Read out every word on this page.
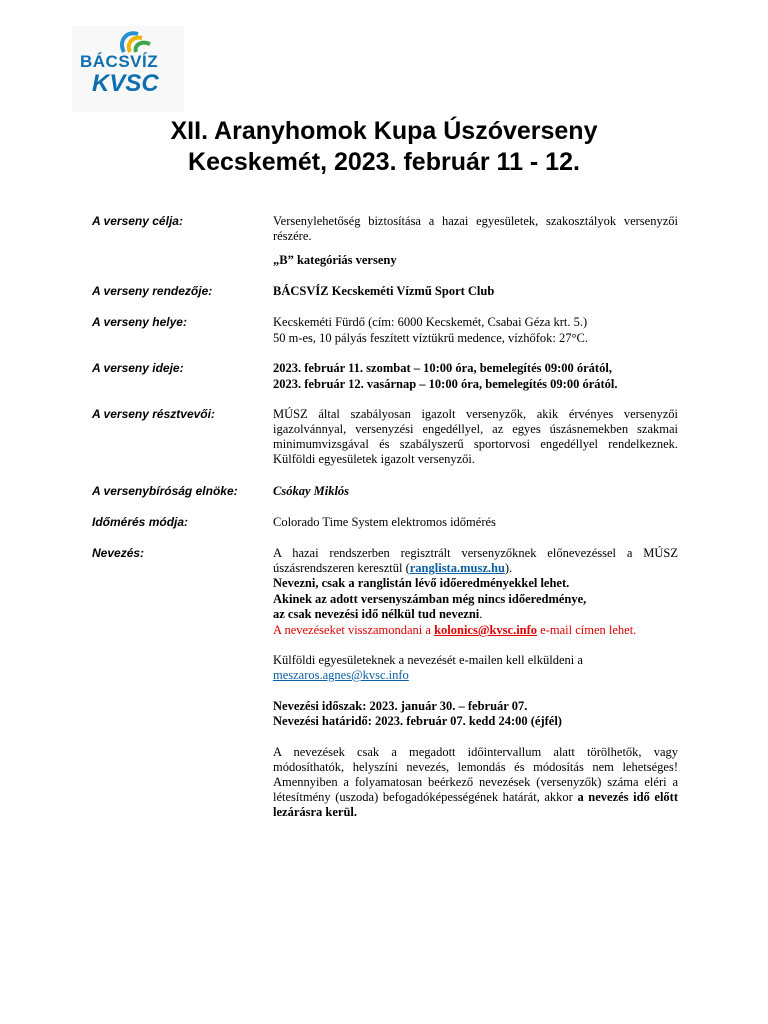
BÁCSVÍZ
KVSC
XII. Aranyhomok Kupa Úszóverseny
Kecskemét, 2023. február 11 - 12.
A verseny célja:	Versenylehetőség biztosítása a hazai egyesületek, szakosztályok versenyzői részére.
„B” kategóriás verseny
A verseny rendezője:	BÁCSVÍZ Kecskeméti Vízmű Sport Club
A verseny helye:	Kecskeméti Fürdő (cím: 6000 Kecskemét, Csabai Géza krt. 5.)
50 m-es, 10 pályás feszített víztükrű medence, vízhőfok: 27°C.
A verseny ideje:	2023. február 11. szombat – 10:00 óra, bemelegítés 09:00 órától,
2023. február 12. vasárnap – 10:00 óra, bemelegítés 09:00 órától.
A verseny résztvevői:	MÚSZ által szabályosan igazolt versenyzők, akik érvényes versenyzői igazolvánnyal, versenyzési engedéllyel, az egyes úszásnemekben szakmai minimumvizsgával és szabályszerű sportorvosi engedéllyel rendelkeznek. Külföldi egyesületek igazolt versenyzői.
A versenybíróság elnöke:	Csókay Miklós
Időmérés módja:	Colorado Time System elektromos időmérés
Nevezés:	A hazai rendszerben regisztrált versenyzőknek előnevezéssel a MÚSZ úszásrendszeren keresztül (ranglista.musz.hu).
Nevezni, csak a ranglistán lévő időeredményekkel lehet.
Akinek az adott versenyszámban még nincs időeredménye,
az csak nevezési idő nélkül tud nevezni.
A nevezéseket visszamondani a kolonics@kvsc.info e-mail címen lehet.
Külföldi egyesületeknek a nevezését e-mailen kell elküldeni a
meszaros.agnes@kvsc.info
Nevezési időszak: 2023. január 30. – február 07.
Nevezési határidő: 2023. február 07. kedd 24:00 (éjfél)
A nevezések csak a megadott időintervallum alatt törölhetők, vagy módosíthatók, helyszíni nevezés, lemondás és módosítás nem lehetséges! Amennyiben a folyamatosan beérkező nevezések (versenyzők) száma eléri a létesítmény (uszoda) befogadóképességének határát, akkor a nevezés idő előtt lezárásra kerül.
